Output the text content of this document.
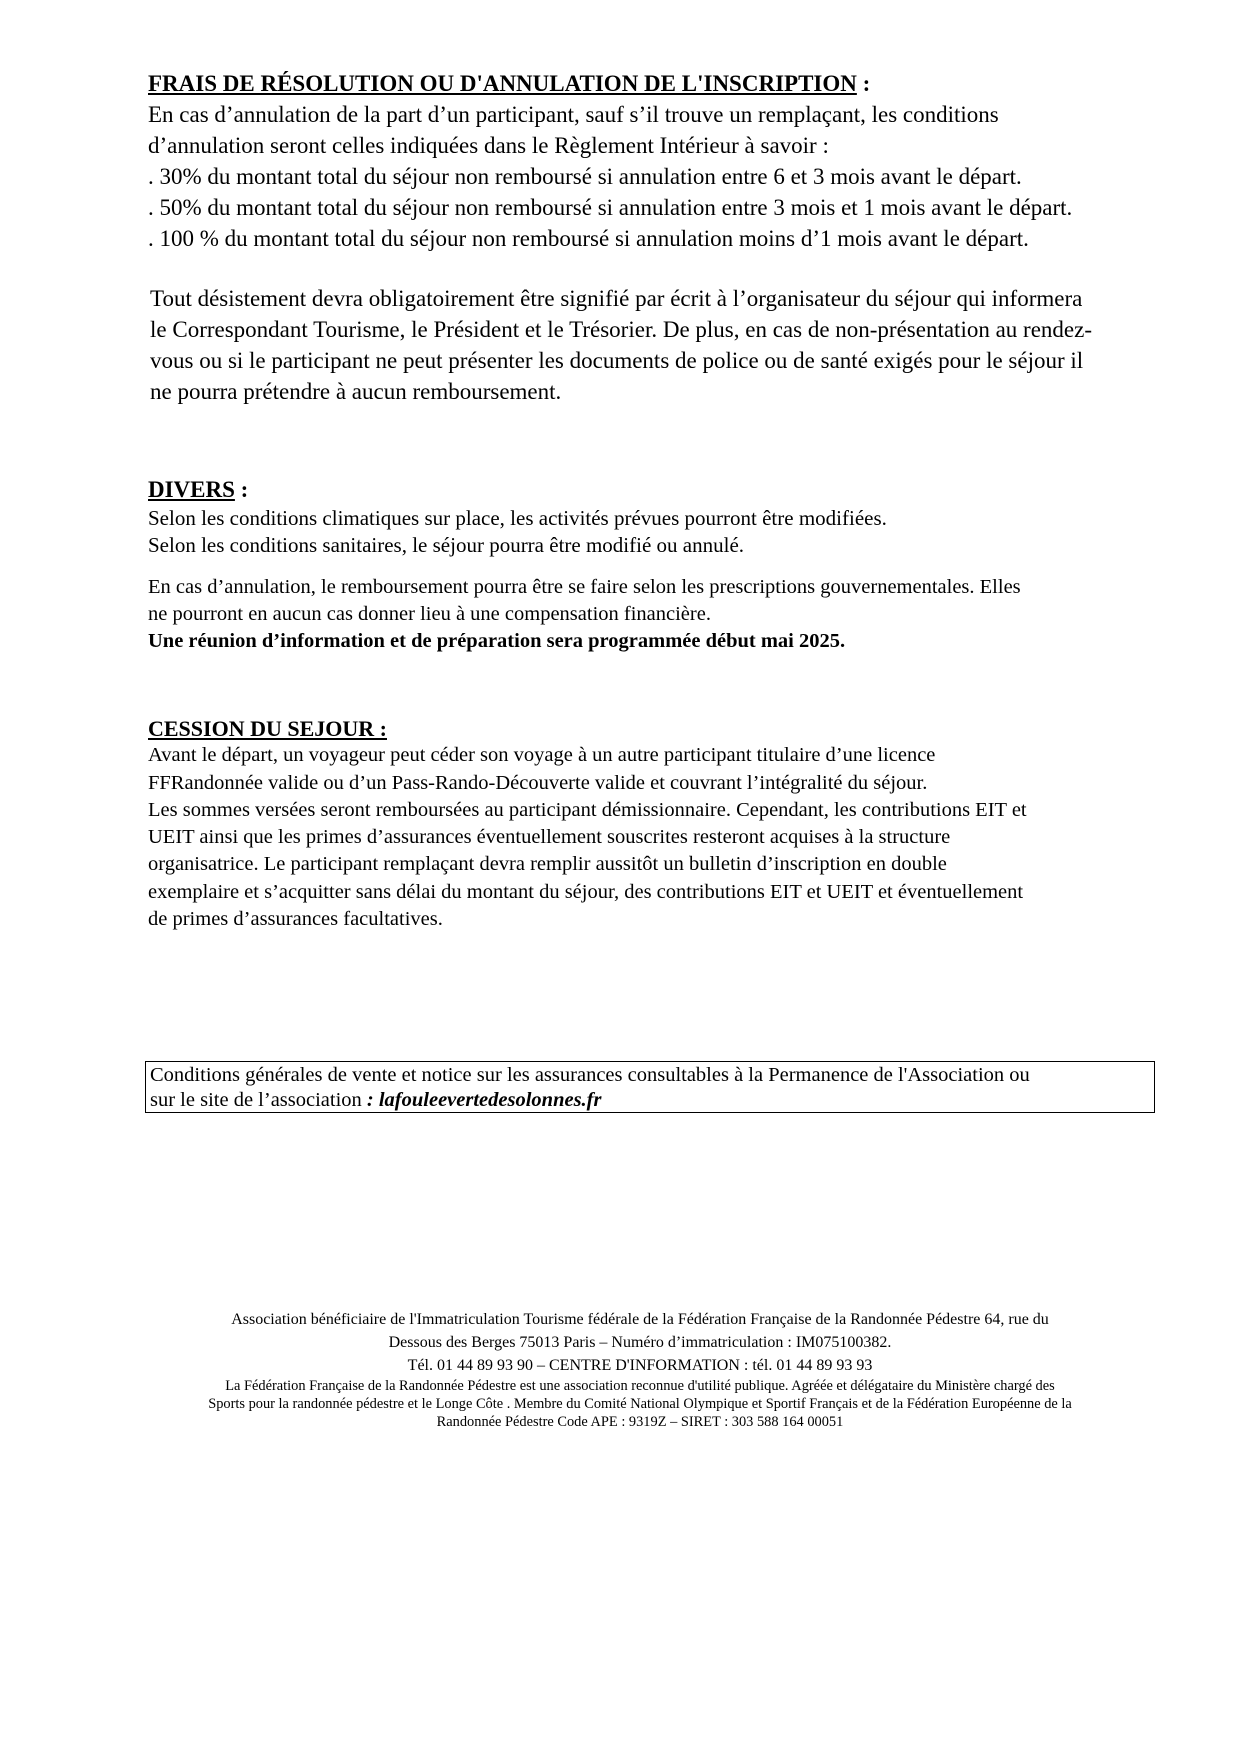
FRAIS DE RÉSOLUTION OU D'ANNULATION DE L'INSCRIPTION :
En cas d’annulation de la part d’un participant, sauf s’il trouve un remplaçant, les conditions
d’annulation seront celles indiquées dans le Règlement Intérieur à savoir :
. 30% du montant total du séjour non remboursé si annulation entre 6 et 3 mois avant le départ.
. 50% du montant total du séjour non remboursé si annulation entre 3 mois et 1 mois avant le départ.
. 100 % du montant total du séjour non remboursé si annulation moins d’1 mois avant le départ.
Tout désistement devra obligatoirement être signifié par écrit à l’organisateur du séjour qui informera
le Correspondant Tourisme, le Président et le Trésorier. De plus, en cas de non-présentation au rendez-
vous ou si le participant ne peut présenter les documents de police ou de santé exigés pour le séjour il
ne pourra prétendre à aucun remboursement.
DIVERS :
Selon les conditions climatiques sur place, les activités prévues pourront être modifiées.
Selon les conditions sanitaires, le séjour pourra être modifié ou annulé.
En cas d’annulation, le remboursement pourra être se faire selon les prescriptions gouvernementales. Elles
ne pourront en aucun cas donner lieu à une compensation financière.
Une réunion d’information et de préparation sera programmée début mai 2025.
CESSION DU SEJOUR :
Avant le départ, un voyageur peut céder son voyage à un autre participant titulaire d’une licence
FFRandonnée valide ou d’un Pass-Rando-Découverte valide et couvrant l’intégralité du séjour.
Les sommes versées seront remboursées au participant démissionnaire. Cependant, les contributions EIT et
UEIT ainsi que les primes d’assurances éventuellement souscrites resteront acquises à la structure
organisatrice. Le participant remplaçant devra remplir aussitôt un bulletin d’inscription en double
exemplaire et s’acquitter sans délai du montant du séjour, des contributions EIT et UEIT et éventuellement
de primes d’assurances facultatives.
Conditions générales de vente et notice sur les assurances consultables à la Permanence de l'Association ou
sur le site de l’association : lafouleevertedesolonnes.fr
Association bénéficiaire de l'Immatriculation Tourisme fédérale de la Fédération Française de la Randonnée Pédestre 64, rue du
Dessous des Berges 75013 Paris – Numéro d’immatriculation : IM075100382.
Tél. 01 44 89 93 90 – CENTRE D'INFORMATION : tél. 01 44 89 93 93
La Fédération Française de la Randonnée Pédestre est une association reconnue d'utilité publique. Agréée et délégataire du Ministère chargé des
Sports pour la randonnée pédestre et le Longe Côte . Membre du Comité National Olympique et Sportif Français et de la Fédération Européenne de la
Randonnée Pédestre Code APE : 9319Z – SIRET : 303 588 164 00051
